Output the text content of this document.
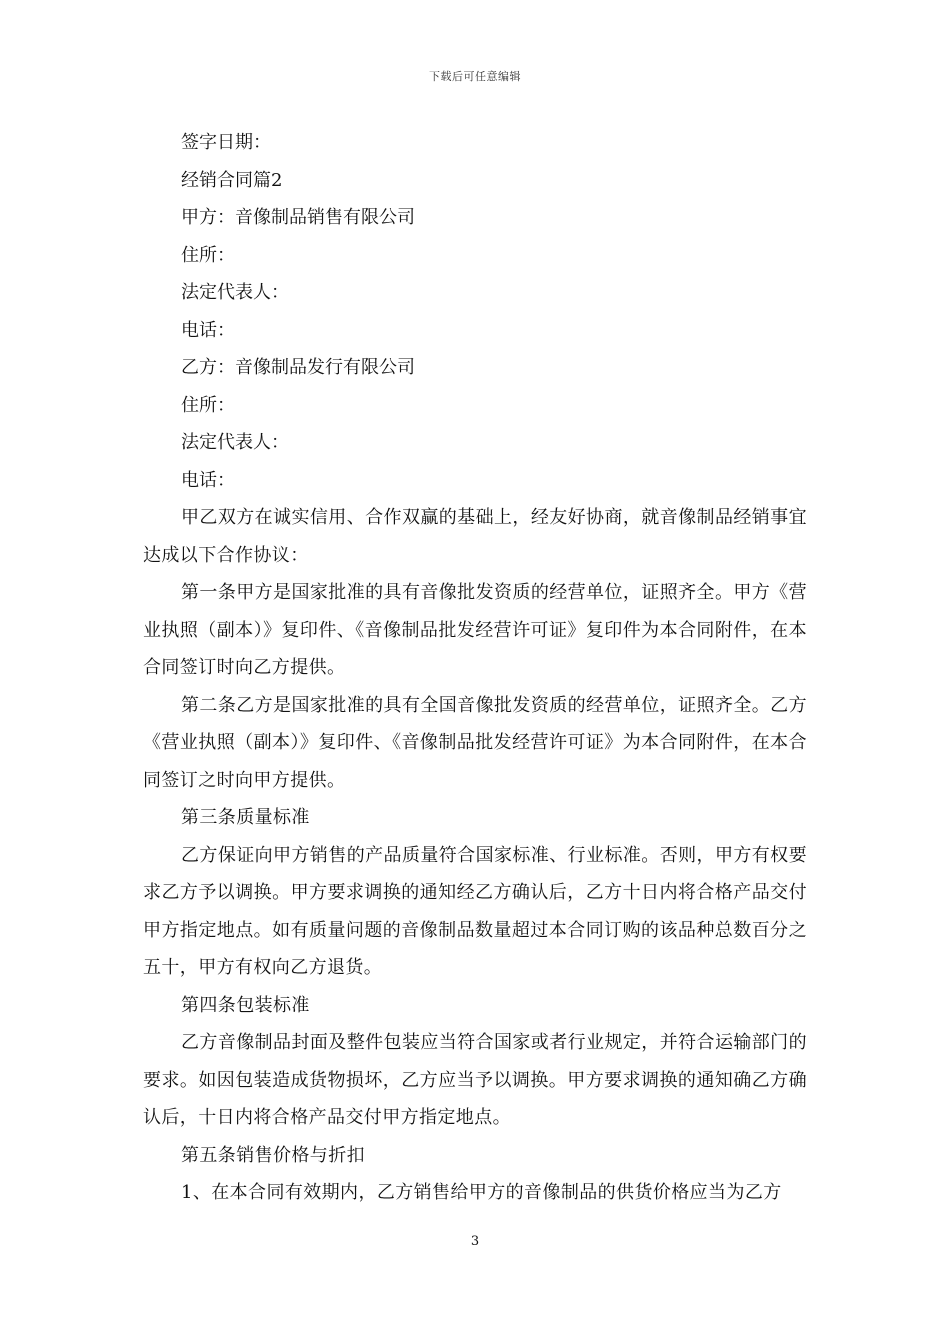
下载后可任意编辑
签字日期：
经销合同篇2
甲方：音像制品销售有限公司
住所：
法定代表人：
电话：
乙方：音像制品发行有限公司
住所：
法定代表人：
电话：

甲乙双方在诚实信用、合作双赢的基础上，经友好协商，就音像制品经销事宜达成以下合作协议：

第一条甲方是国家批准的具有音像批发资质的经营单位，证照齐全。甲方《营业执照（副本）》复印件、《音像制品批发经营许可证》复印件为本合同附件，在本合同签订时向乙方提供。

第二条乙方是国家批准的具有全国音像批发资质的经营单位，证照齐全。乙方《营业执照（副本）》复印件、《音像制品批发经营许可证》为本合同附件，在本合同签订之时向甲方提供。

第三条质量标准

乙方保证向甲方销售的产品质量符合国家标准、行业标准。否则，甲方有权要求乙方予以调换。甲方要求调换的通知经乙方确认后，乙方十日内将合格产品交付甲方指定地点。如有质量问题的音像制品数量超过本合同订购的该品种总数百分之五十，甲方有权向乙方退货。

第四条包装标准

乙方音像制品封面及整件包装应当符合国家或者行业规定，并符合运输部门的要求。如因包装造成货物损坏，乙方应当予以调换。甲方要求调换的通知确乙方确认后，十日内将合格产品交付甲方指定地点。

第五条销售价格与折扣

1、在本合同有效期内，乙方销售给甲方的音像制品的供货价格应当为乙方

3
